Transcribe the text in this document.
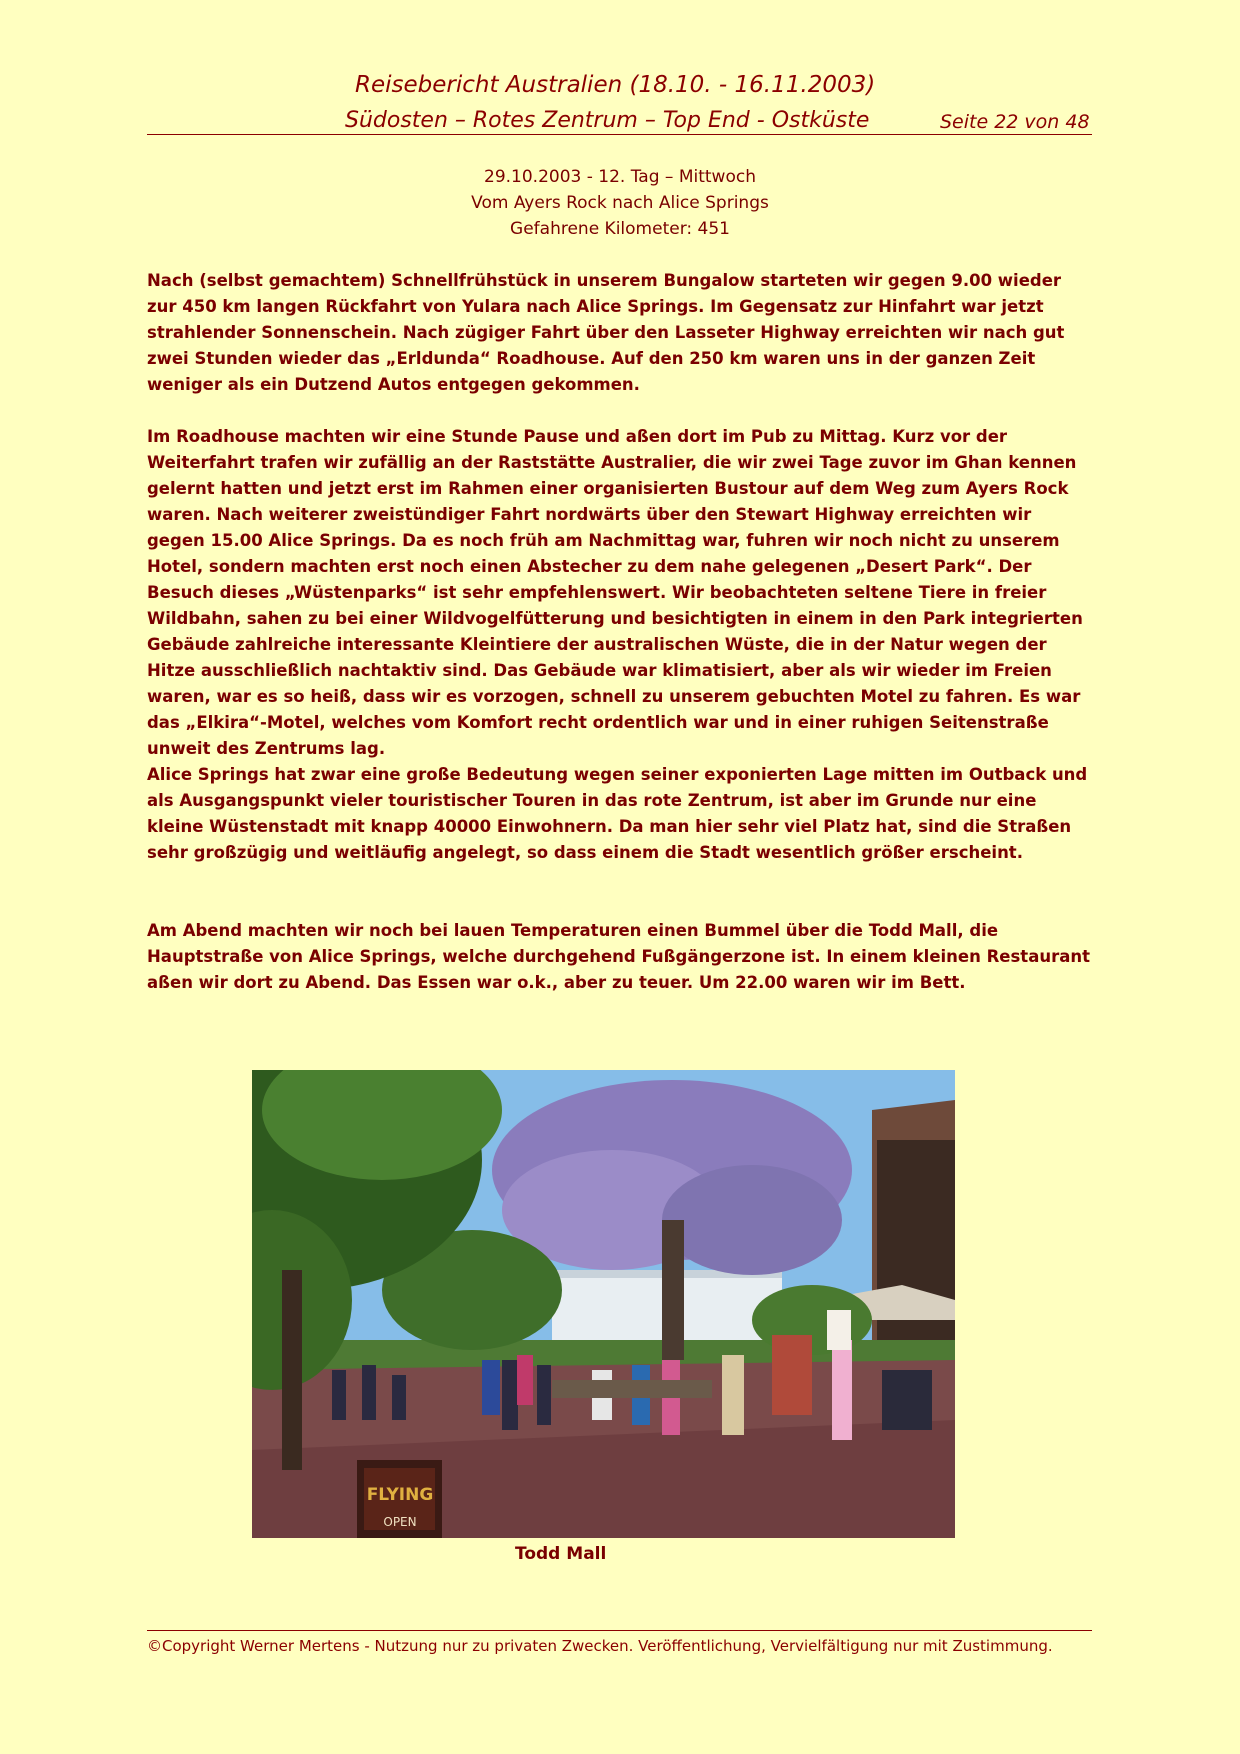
Reisebericht Australien (18.10. - 16.11.2003)
Südosten – Rotes Zentrum – Top End - Ostküste	Seite 22 von 48
29.10.2003 - 12. Tag – Mittwoch
Vom Ayers Rock nach Alice Springs
Gefahrene Kilometer: 451

Nach (selbst gemachtem) Schnellfrühstück in unserem Bungalow starteten wir gegen 9.00 wieder zur 450 km langen Rückfahrt von Yulara nach Alice Springs. Im Gegensatz zur Hinfahrt war jetzt strahlender Sonnenschein. Nach zügiger Fahrt über den Lasseter Highway erreichten wir nach gut zwei Stunden wieder das „Erldunda“ Roadhouse. Auf den 250 km waren uns in der ganzen Zeit weniger als ein Dutzend Autos entgegen gekommen.

Im Roadhouse machten wir eine Stunde Pause und aßen dort im Pub zu Mittag. Kurz vor der Weiterfahrt trafen wir zufällig an der Raststätte Australier, die wir zwei Tage zuvor im Ghan kennen gelernt hatten und jetzt erst im Rahmen einer organisierten Bustour auf dem Weg zum Ayers Rock waren. Nach weiterer zweistündiger Fahrt nordwärts über den Stewart Highway erreichten wir gegen 15.00 Alice Springs. Da es noch früh am Nachmittag war, fuhren wir noch nicht zu unserem Hotel, sondern machten erst noch einen Abstecher zu dem nahe gelegenen „Desert Park“. Der Besuch dieses „Wüstenparks“ ist sehr empfehlenswert. Wir beobachteten seltene Tiere in freier Wildbahn, sahen zu bei einer Wildvogelfütterung und besichtigten in einem in den Park integrierten Gebäude zahlreiche interessante Kleintiere der australischen Wüste, die in der Natur wegen der Hitze ausschließlich nachtaktiv sind. Das Gebäude war klimatisiert, aber als wir wieder im Freien waren, war es so heiß, dass wir es vorzogen, schnell zu unserem gebuchten Motel zu fahren. Es war das „Elkira“-Motel, welches vom Komfort recht ordentlich war und in einer ruhigen Seitenstraße unweit des Zentrums lag.

Alice Springs hat zwar eine große Bedeutung wegen seiner exponierten Lage mitten im Outback und als Ausgangspunkt vieler touristischer Touren in das rote Zentrum, ist aber im Grunde nur eine kleine Wüstenstadt mit knapp 40000 Einwohnern. Da man hier sehr viel Platz hat, sind die Straßen sehr großzügig und weitläufig angelegt, so dass einem die Stadt wesentlich größer erscheint.

Am Abend machten wir noch bei lauen Temperaturen einen Bummel über die Todd Mall, die Hauptstraße von Alice Springs, welche durchgehend Fußgängerzone ist. In einem kleinen Restaurant aßen wir dort zu Abend. Das Essen war o.k., aber zu teuer. Um 22.00 waren wir im Bett.

FLYING
OPEN
Todd Mall
©Copyright Werner Mertens - Nutzung nur zu privaten Zwecken. Veröffentlichung, Vervielfältigung nur mit Zustimmung.
